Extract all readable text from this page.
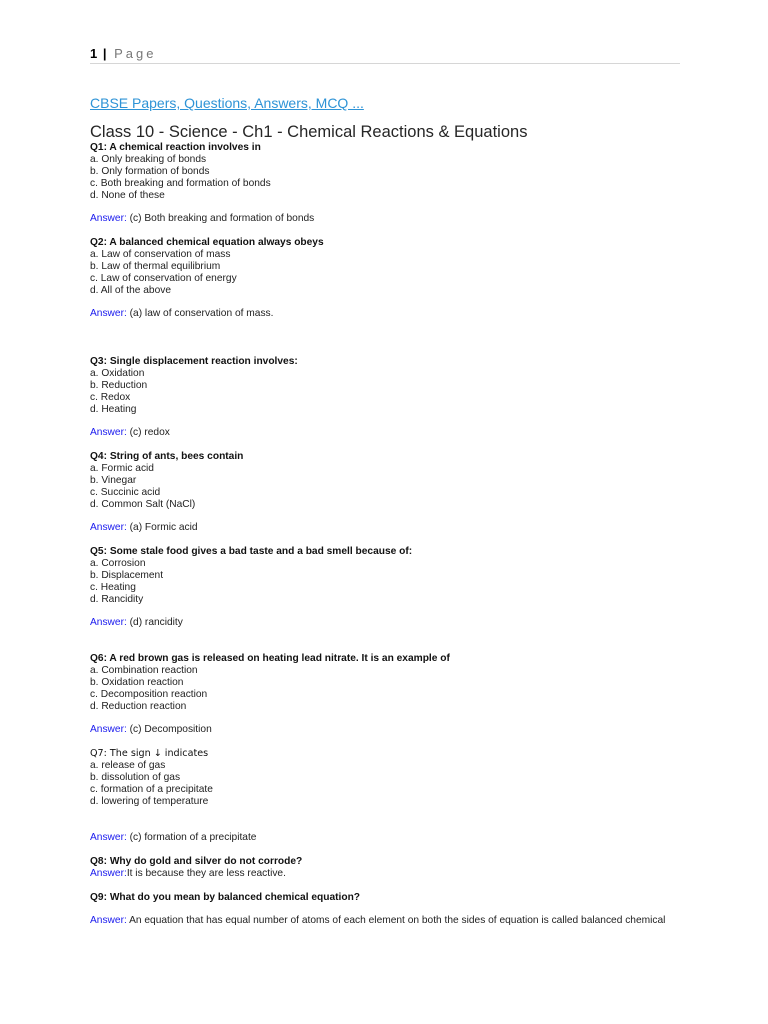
1 | Page
CBSE Papers, Questions, Answers, MCQ ...
Class 10 - Science - Ch1 - Chemical Reactions & Equations
Q1: A chemical reaction involves in
a. Only breaking of bonds
b. Only formation of bonds
c. Both breaking and formation of bonds
d. None of these
Answer: (c) Both breaking and formation of bonds
Q2: A balanced chemical equation always obeys
a. Law of conservation of mass
b. Law of thermal equilibrium
c. Law of conservation of energy
d. All of the above
Answer: (a) law of conservation of mass.
Q3: Single displacement reaction involves:
a. Oxidation
b. Reduction
c. Redox
d. Heating
Answer: (c) redox
Q4: String of ants, bees contain
a. Formic acid
b. Vinegar
c. Succinic acid
d. Common Salt (NaCl)
Answer: (a) Formic acid
Q5: Some stale food gives a bad taste and a bad smell because of:
a. Corrosion
b. Displacement
c. Heating
d. Rancidity
Answer: (d) rancidity
Q6: A red brown gas is released on heating lead nitrate. It is an example of
a. Combination reaction
b. Oxidation reaction
c. Decomposition reaction
d. Reduction reaction
Answer: (c) Decomposition
Q7: The sign ↓ indicates
a. release of gas
b. dissolution of gas
c. formation of a precipitate
d. lowering of temperature
Answer: (c) formation of a precipitate
Q8: Why do gold and silver do not corrode?
Answer:It is because they are less reactive.
Q9: What do you mean by balanced chemical equation?
Answer: An equation that has equal number of atoms of each element on both the sides of equation is called balanced chemical
